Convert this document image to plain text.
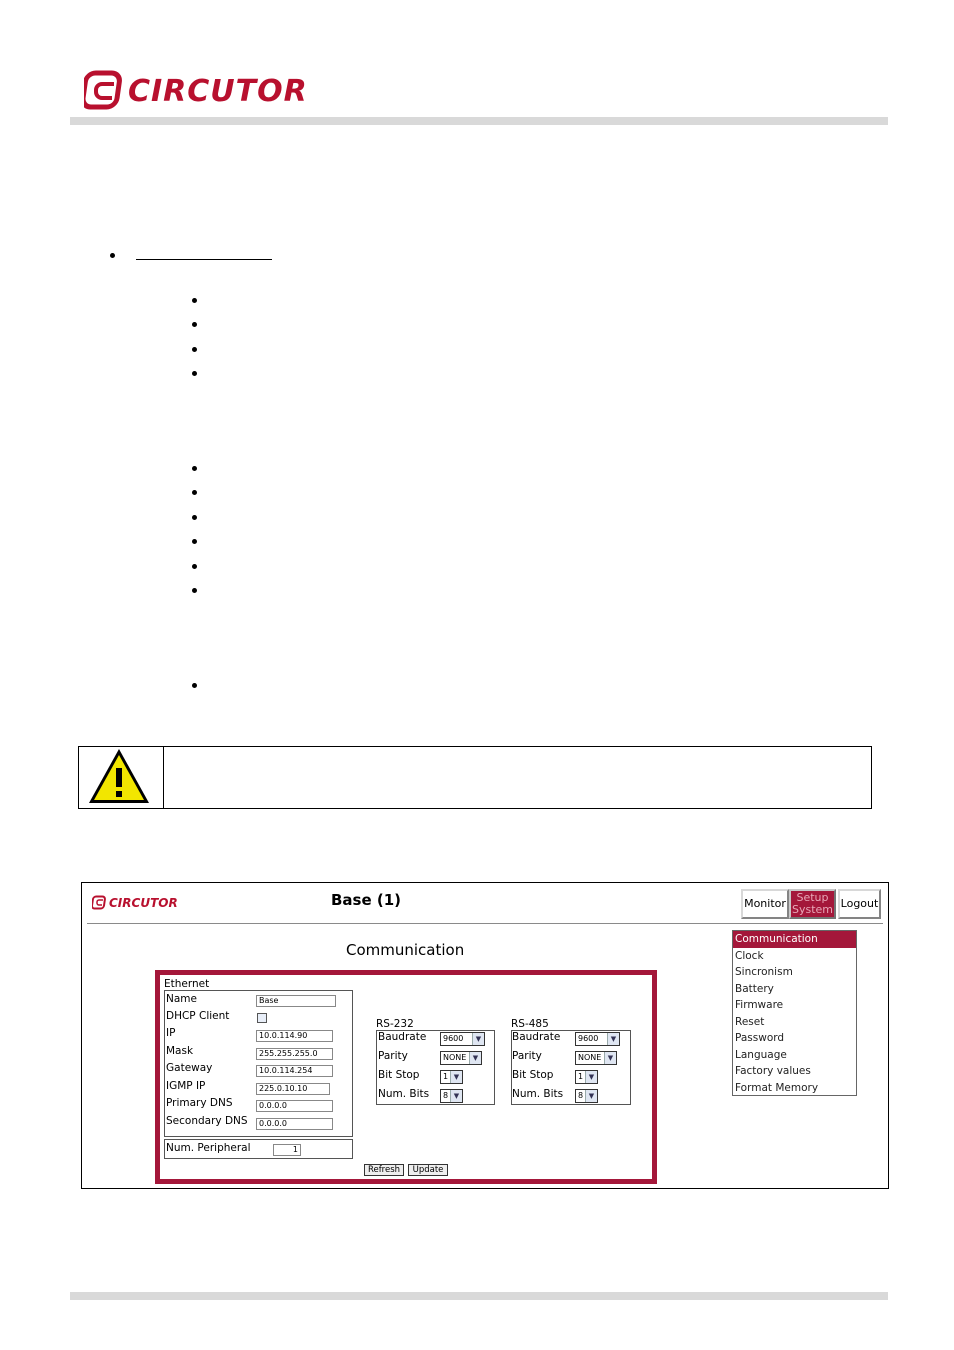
CIRCUTOR
CIRCUTOR	Base (1)	Monitor Setup
System Logout
Communication
Communication
Clock
Sincronism
Battery
Firmware
Reset
Password
Language
Factory values
Format Memory
Ethernet
Name	Base
DHCP Client
IP	10.0.114.90
Mask	255.255.255.0
Gateway	10.0.114.254
IGMP IP	225.0.10.10
Primary DNS	0.0.0.0
Secondary DNS	0.0.0.0
Num. Peripheral	1
RS-232
Baudrate	9600	▼
Parity	NONE ▼
Bit Stop	1 ▼
Num. Bits	8 ▼
RS-485
Baudrate	9600	▼
Parity	NONE ▼
Bit Stop	1 ▼
Num. Bits	8 ▼
Refresh	Update
